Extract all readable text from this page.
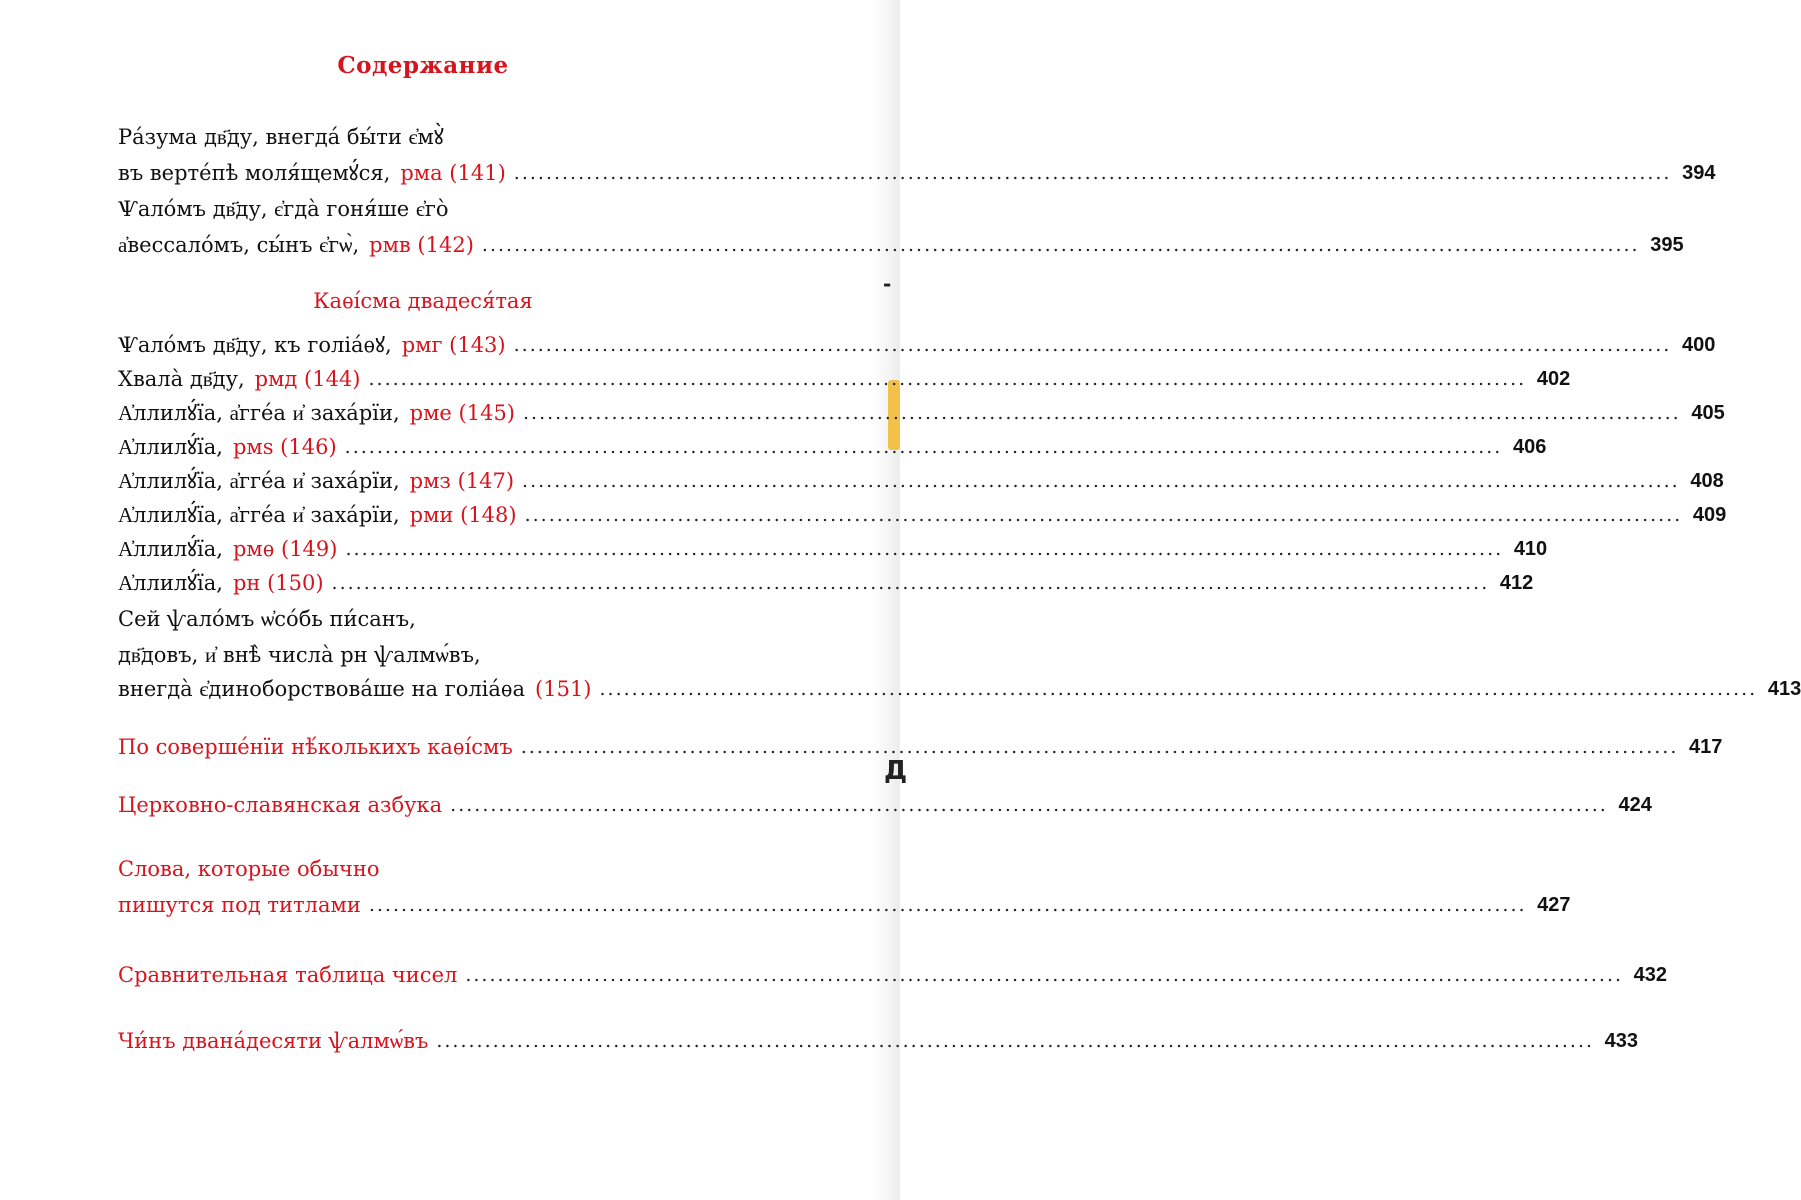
-
Д
Содержание
Ра́зума дв҃ду, внегда́ бы́ти є҆мꙋ̀
въ верте́пѣ моля́щемꙋ́ся, рма (141) .....	394
Ѱало́мъ дв҃ду, є҆гда̀ гоня́ше є҆го̀
а҆вессало́мъ, сы́нъ є҆гѡ̀, рмв (142) .....	395
Каѳі́сма двадеся́тая
Ѱало́мъ дв҃ду, къ голіа́ѳꙋ, рмг (143) .....	400
Хвала̀ дв҃ду, рмд (144) .....	402
А҆ллилꙋ́їа, а҆гге́а и҆ заха́рїи, рме (145) .....	405
А҆ллилꙋ́їа, рмѕ (146) .....	406
А҆ллилꙋ́їа, а҆гге́а и҆ заха́рїи, рмз (147) .....	408
А҆ллилꙋ́їа, а҆гге́а и҆ заха́рїи, рми (148) .....	409
А҆ллилꙋ́їа, рмѳ (149) .....	410
А҆ллилꙋ́їа, рн (150) .....	412
Сей ѱало́мъ ѡ҆со́бь пи́санъ,
дв҃довъ, и҆ внѣ̀ числа̀ рн ѱалмѡ́въ,
внегда̀ є҆диноборствова́ше на голіа́ѳа (151) .....	413
По соверше́нїи нѣ́колькихъ каѳі́смъ .....	417
Церковно-славянская азбука .....	424
Слова, которые обычно
пишутся под титлами .....	427
Сравнительная таблица чисел .....	432
Чи́нъ двана́десяти ѱалмѡ́въ .....	433
